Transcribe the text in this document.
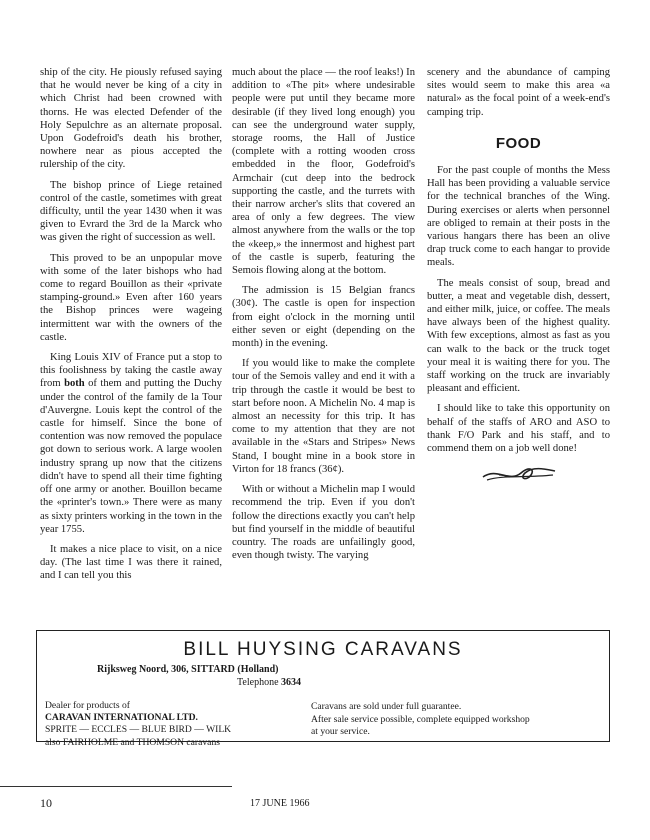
ship of the city. He piously refused saying that he would never be king of a city in which Christ had been crowned with thorns. He was elected Defender of the Holy Sepulchre as an alternate proposal. Upon Godefroid's death his brother, nowhere near as pious accepted the rulership of the city.

The bishop prince of Liege retained control of the castle, sometimes with great difficulty, until the year 1430 when it was given to Evrard the 3rd de la Marck who was given the right of succession as well.

This proved to be an unpopular move with some of the later bishops who had come to regard Bouillon as their «private stamping-ground.» Even after 160 years the Bishop princes were wageing intermittent war with the owners of the castle.

King Louis XIV of France put a stop to this foolishness by taking the castle away from both of them and putting the Duchy under the control of the family de la Tour d'Auvergne. Louis kept the control of the castle for himself. Since the bone of contention was now removed the populace got down to serious work. A large woolen industry sprang up now that the citizens didn't have to spend all their time fighting off one army or another. Bouillon became the «printer's town.» There were as many as sixty printers working in the town in the year 1755.

It makes a nice place to visit, on a nice day. (The last time I was there it rained, and I can tell you this

much about the place — the roof leaks!) In addition to «The pit» where undesirable people were put until they became more desirable (if they lived long enough) you can see the underground water supply, storage rooms, the Hall of Justice (complete with a rotting wooden cross embedded in the floor, Godefroid's Armchair (cut deep into the bedrock supporting the castle, and the turrets with their narrow archer's slits that covered an area of only a few degrees. The view almost anywhere from the walls or the top the «keep,» the innermost and highest part of the castle is superb, featuring the Semois flowing along at the bottom.

The admission is 15 Belgian francs (30¢). The castle is open for inspection from eight o'clock in the morning until either seven or eight (depending on the month) in the evening.

If you would like to make the complete tour of the Semois valley and end it with a trip through the castle it would be best to start before noon. A Michelin No. 4 map is almost an necessity for this trip. It has come to my attention that they are not available in the «Stars and Stripes» News Stand, I bought mine in a book store in Virton for 18 francs (36¢).

With or without a Michelin map I would recommend the trip. Even if you don't follow the directions exactly you can't help but find yourself in the middle of beautiful country. The roads are unfailingly good, even though twisty. The varying

scenery and the abundance of camping sites would seem to make this area «a natural» as the focal point of a week-end's camping trip.

FOOD

For the past couple of months the Mess Hall has been providing a valuable service for the technical branches of the Wing. During exercises or alerts when personnel are obliged to remain at their posts in the various hangars there has been an olive drap truck come to each hangar to provide meals.

The meals consist of soup, bread and butter, a meat and vegetable dish, dessert, and either milk, juice, or coffee. The meals have always been of the highest quality. With few exceptions, almost as fast as you can walk to the back or the truck toget your meal it is waiting there for you. The staff working on the truck are invariably pleasant and efficient.

I should like to take this opportunity on behalf of the staffs of ARO and ASO to thank F/O Park and his staff, and to commend them on a job well done!

BILL HUYSING CARAVANS
Rijksweg Noord, 306, SITTARD (Holland)
Telephone 3634
Dealer for products of
CARAVAN INTERNATIONAL LTD.
SPRITE — ECCLES — BLUE BIRD — WILK
also FAIRHOLME and THOMSON caravans
Caravans are sold under full guarantee.
After sale service possible, complete equipped workshop
at your service.
10	17 JUNE 1966
